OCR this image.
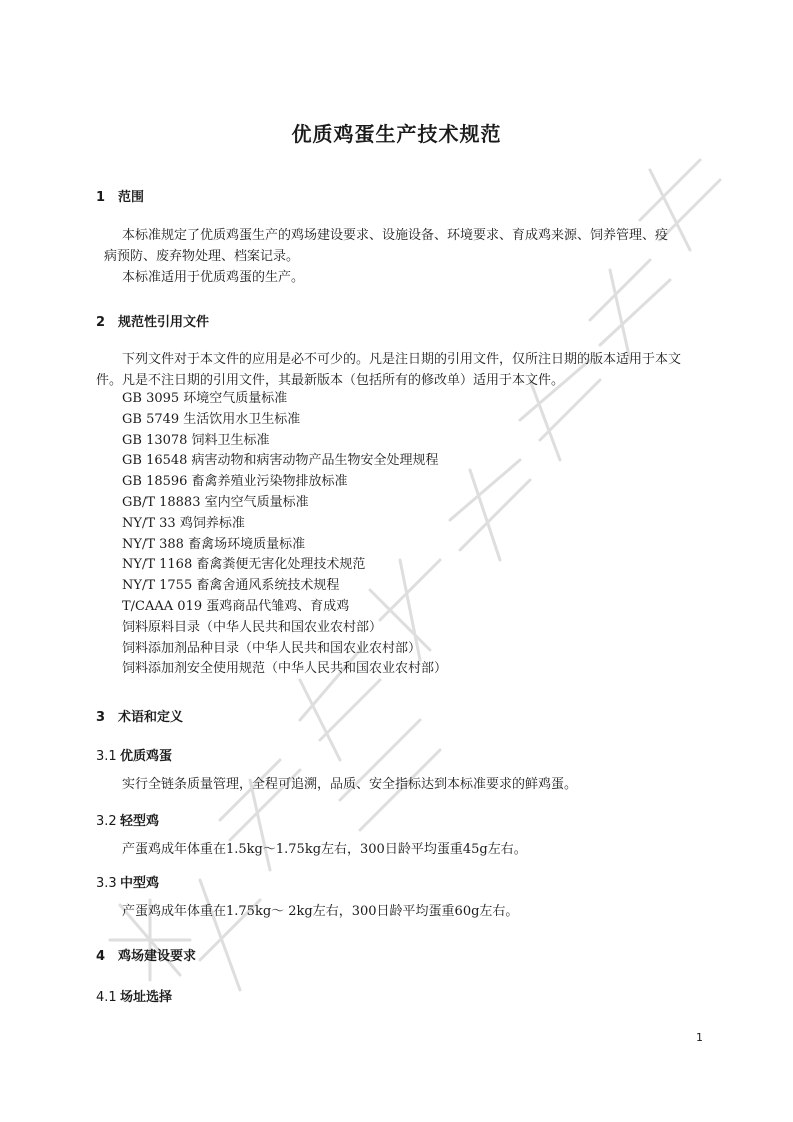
优质鸡蛋生产技术规范
1 范围
本标准规定了优质鸡蛋生产的鸡场建设要求、设施设备、环境要求、育成鸡来源、饲养管理、疫
病预防、废弃物处理、档案记录。
本标准适用于优质鸡蛋的生产。
2 规范性引用文件
下列文件对于本文件的应用是必不可少的。凡是注日期的引用文件，仅所注日期的版本适用于本文
件。凡是不注日期的引用文件，其最新版本（包括所有的修改单）适用于本文件。
GB 3095 环境空气质量标准
GB 5749 生活饮用水卫生标准
GB 13078 饲料卫生标准
GB 16548 病害动物和病害动物产品生物安全处理规程
GB 18596 畜禽养殖业污染物排放标准
GB/T 18883 室内空气质量标准
NY/T 33 鸡饲养标准
NY/T 388 畜禽场环境质量标准
NY/T 1168 畜禽粪便无害化处理技术规范
NY/T 1755 畜禽舍通风系统技术规程
T/CAAA 019 蛋鸡商品代雏鸡、育成鸡
饲料原料目录（中华人民共和国农业农村部）
饲料添加剂品种目录（中华人民共和国农业农村部）
饲料添加剂安全使用规范（中华人民共和国农业农村部）
3 术语和定义
3.1 优质鸡蛋
实行全链条质量管理，全程可追溯，品质、安全指标达到本标准要求的鲜鸡蛋。
3.2 轻型鸡
产蛋鸡成年体重在1.5kg～1.75kg左右，300日龄平均蛋重45g左右。
3.3 中型鸡
产蛋鸡成年体重在1.75kg～ 2kg左右，300日龄平均蛋重60g左右。
4 鸡场建设要求
4.1 场址选择
1
